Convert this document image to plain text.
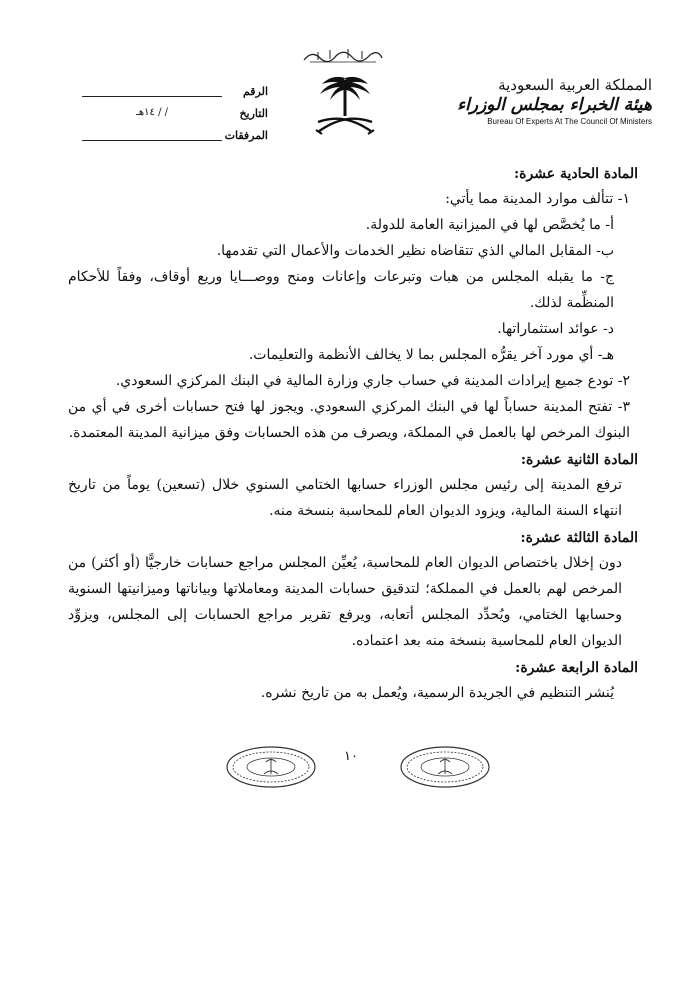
المملكة العربية السعودية
هيئة الخبراء بمجلس الوزراء
Bureau Of Experts At The Council Of Ministers
الرقم
التاريخ
/ / ١٤هـ
المرفقات
المادة الحادية عشرة:
١- تتألف موارد المدينة مما يأتي:
أ- ما يُخصَّص لها في الميزانية العامة للدولة.
ب- المقابل المالي الذي تتقاضاه نظير الخدمات والأعمال التي تقدمها.
ج- ما يقبله المجلس من هبات وتبرعات وإعانات ومنح ووصـــايا وريع أوقاف، وفقاً للأحكام المنظِّمة لذلك.
د- عوائد استثماراتها.
هـ- أي مورد آخر يقرُّه المجلس بما لا يخالف الأنظمة والتعليمات.
٢- تودع جميع إيرادات المدينة في حساب جاري وزارة المالية في البنك المركزي السعودي.
٣- تفتح المدينة حساباً لها في البنك المركزي السعودي. ويجوز لها فتح حسابات أخرى في أي من البنوك المرخص لها بالعمل في المملكة، ويصرف من هذه الحسابات وفق ميزانية المدينة المعتمدة.
المادة الثانية عشرة:
ترفع المدينة إلى رئيس مجلس الوزراء حسابها الختامي السنوي خلال (تسعين) يوماً من تاريخ انتهاء السنة المالية، ويزود الديوان العام للمحاسبة بنسخة منه.
المادة الثالثة عشرة:
دون إخلال باختصاص الديوان العام للمحاسبة، يُعيِّن المجلس مراجع حسابات خارجيًّا (أو أكثر) من المرخص لهم بالعمل في المملكة؛ لتدقيق حسابات المدينة ومعاملاتها وبياناتها وميزانيتها السنوية وحسابها الختامي، ويُحدِّد المجلس أتعابه، ويرفع تقرير مراجع الحسابات إلى المجلس، ويزوِّد الديوان العام للمحاسبة بنسخة منه بعد اعتماده.
المادة الرابعة عشرة:
يُنشر التنظيم في الجريدة الرسمية، ويُعمل به من تاريخ نشره.
١٠
